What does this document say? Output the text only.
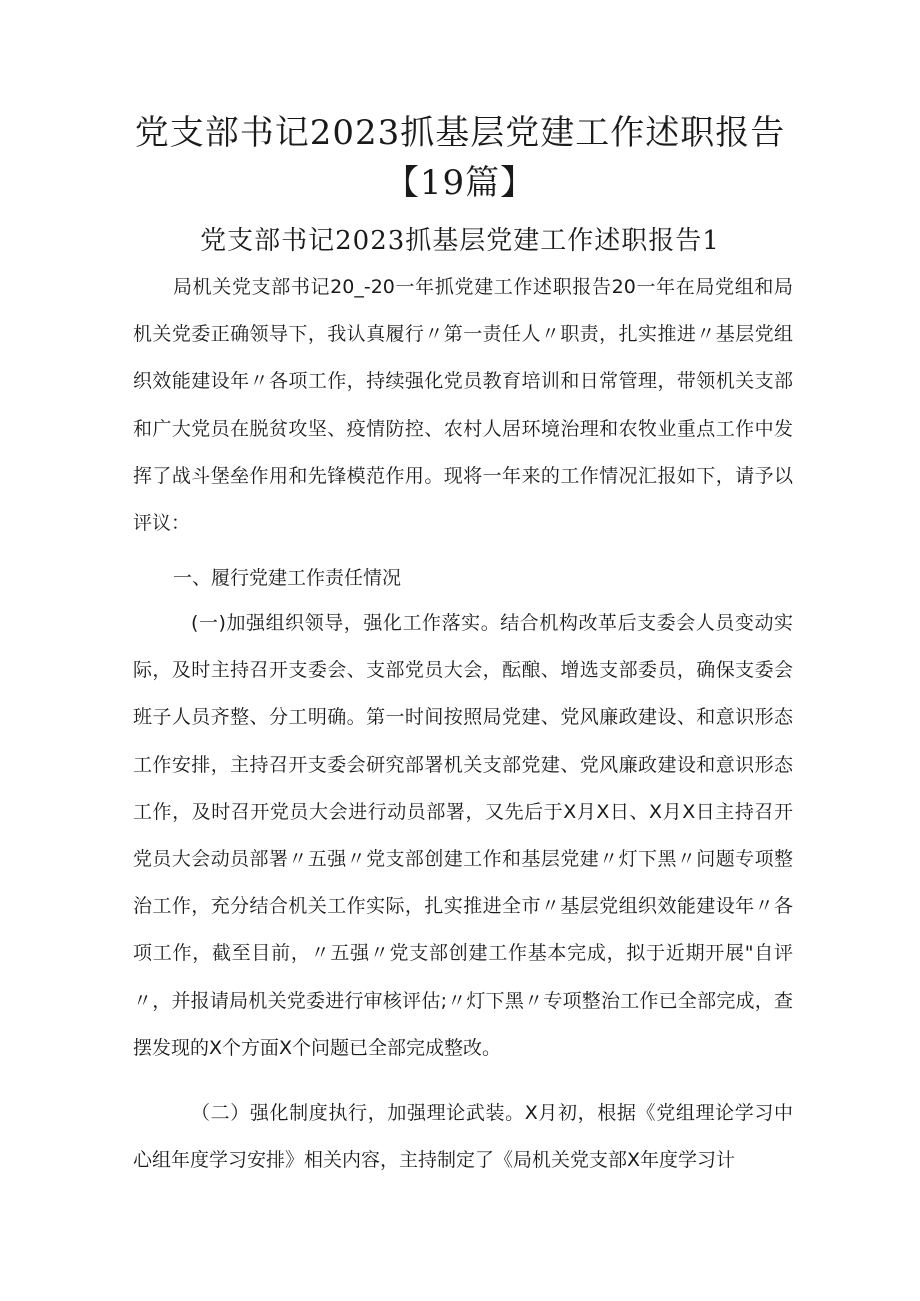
党支部书记2023抓基层党建工作述职报告
【19篇】
党支部书记2023抓基层党建工作述职报告1

局机关党支部书记20_-20一年抓党建工作述职报告20一年在局党组和局机关党委正确领导下，我认真履行〃第一责任人〃职责，扎实推进〃基层党组织效能建设年〃各项工作，持续强化党员教育培训和日常管理，带领机关支部和广大党员在脱贫攻坚、疫情防控、农村人居环境治理和农牧业重点工作中发挥了战斗堡垒作用和先锋模范作用。现将一年来的工作情况汇报如下，请予以评议：

一、履行党建工作责任情况

(一)加强组织领导，强化工作落实。结合机构改革后支委会人员变动实际，及时主持召开支委会、支部党员大会，酝酿、增选支部委员，确保支委会班子人员齐整、分工明确。第一时间按照局党建、党风廉政建设、和意识形态工作安排，主持召开支委会研究部署机关支部党建、党风廉政建设和意识形态工作，及时召开党员大会进行动员部署，又先后于X月X日、X月X日主持召开党员大会动员部署〃五强〃党支部创建工作和基层党建〃灯下黑〃问题专项整治工作，充分结合机关工作实际，扎实推进全市〃基层党组织效能建设年〃各项工作，截至目前，〃五强〃党支部创建工作基本完成，拟于近期开展"自评〃，并报请局机关党委进行审核评估;〃灯下黑〃专项整治工作已全部完成，查摆发现的X个方面X个问题已全部完成整改。

（二）强化制度执行，加强理论武装。X月初，根据《党组理论学习中心组年度学习安排》相关内容，主持制定了《局机关党支部X年度学习计
